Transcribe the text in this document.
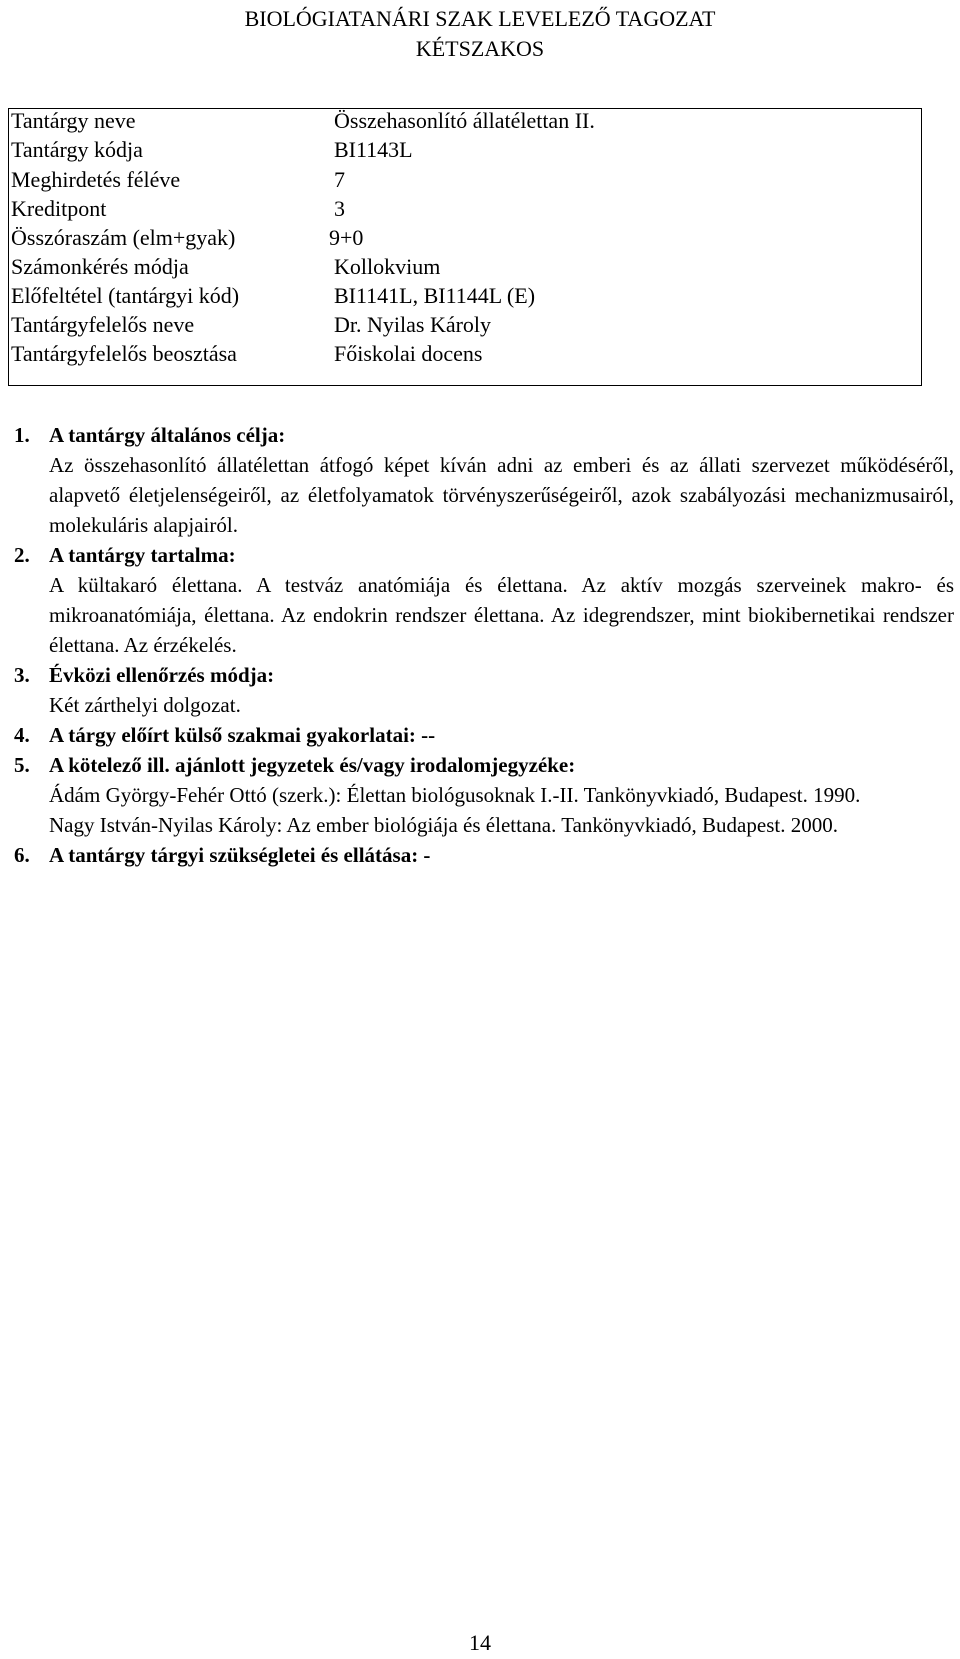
BIOLÓGIATANÁRI SZAK LEVELEZŐ TAGOZAT
KÉTSZAKOS
Tantárgy neve	Összehasonlító állatélettan II.
Tantárgy kódja	BI1143L
Meghirdetés féléve	7
Kreditpont	3
Összóraszám (elm+gyak)	9+0
Számonkérés módja	Kollokvium
Előfeltétel (tantárgyi kód)	BI1141L, BI1144L (E)
Tantárgyfelelős neve	Dr. Nyilas Károly
Tantárgyfelelős beosztása	Főiskolai docens
1. A tantárgy általános célja:
Az összehasonlító állatélettan átfogó képet kíván adni az emberi és az állati szervezet működéséről, alapvető életjelenségeiről, az életfolyamatok törvényszerűségeiről, azok szabályozási mechanizmusairól, molekuláris alapjairól.
2. A tantárgy tartalma:
A kültakaró élettana. A testváz anatómiája és élettana. Az aktív mozgás szerveinek makro- és mikroanatómiája, élettana. Az endokrin rendszer élettana. Az idegrendszer, mint biokibernetikai rendszer élettana. Az érzékelés.
3. Évközi ellenőrzés módja:
Két zárthelyi dolgozat.
4. A tárgy előírt külső szakmai gyakorlatai: --
5. A kötelező ill. ajánlott jegyzetek és/vagy irodalomjegyzéke:
Ádám György-Fehér Ottó (szerk.): Élettan biológusoknak I.-II. Tankönyvkiadó, Budapest. 1990.
Nagy István-Nyilas Károly: Az ember biológiája és élettana. Tankönyvkiadó, Budapest. 2000.
6. A tantárgy tárgyi szükségletei és ellátása: -
14
